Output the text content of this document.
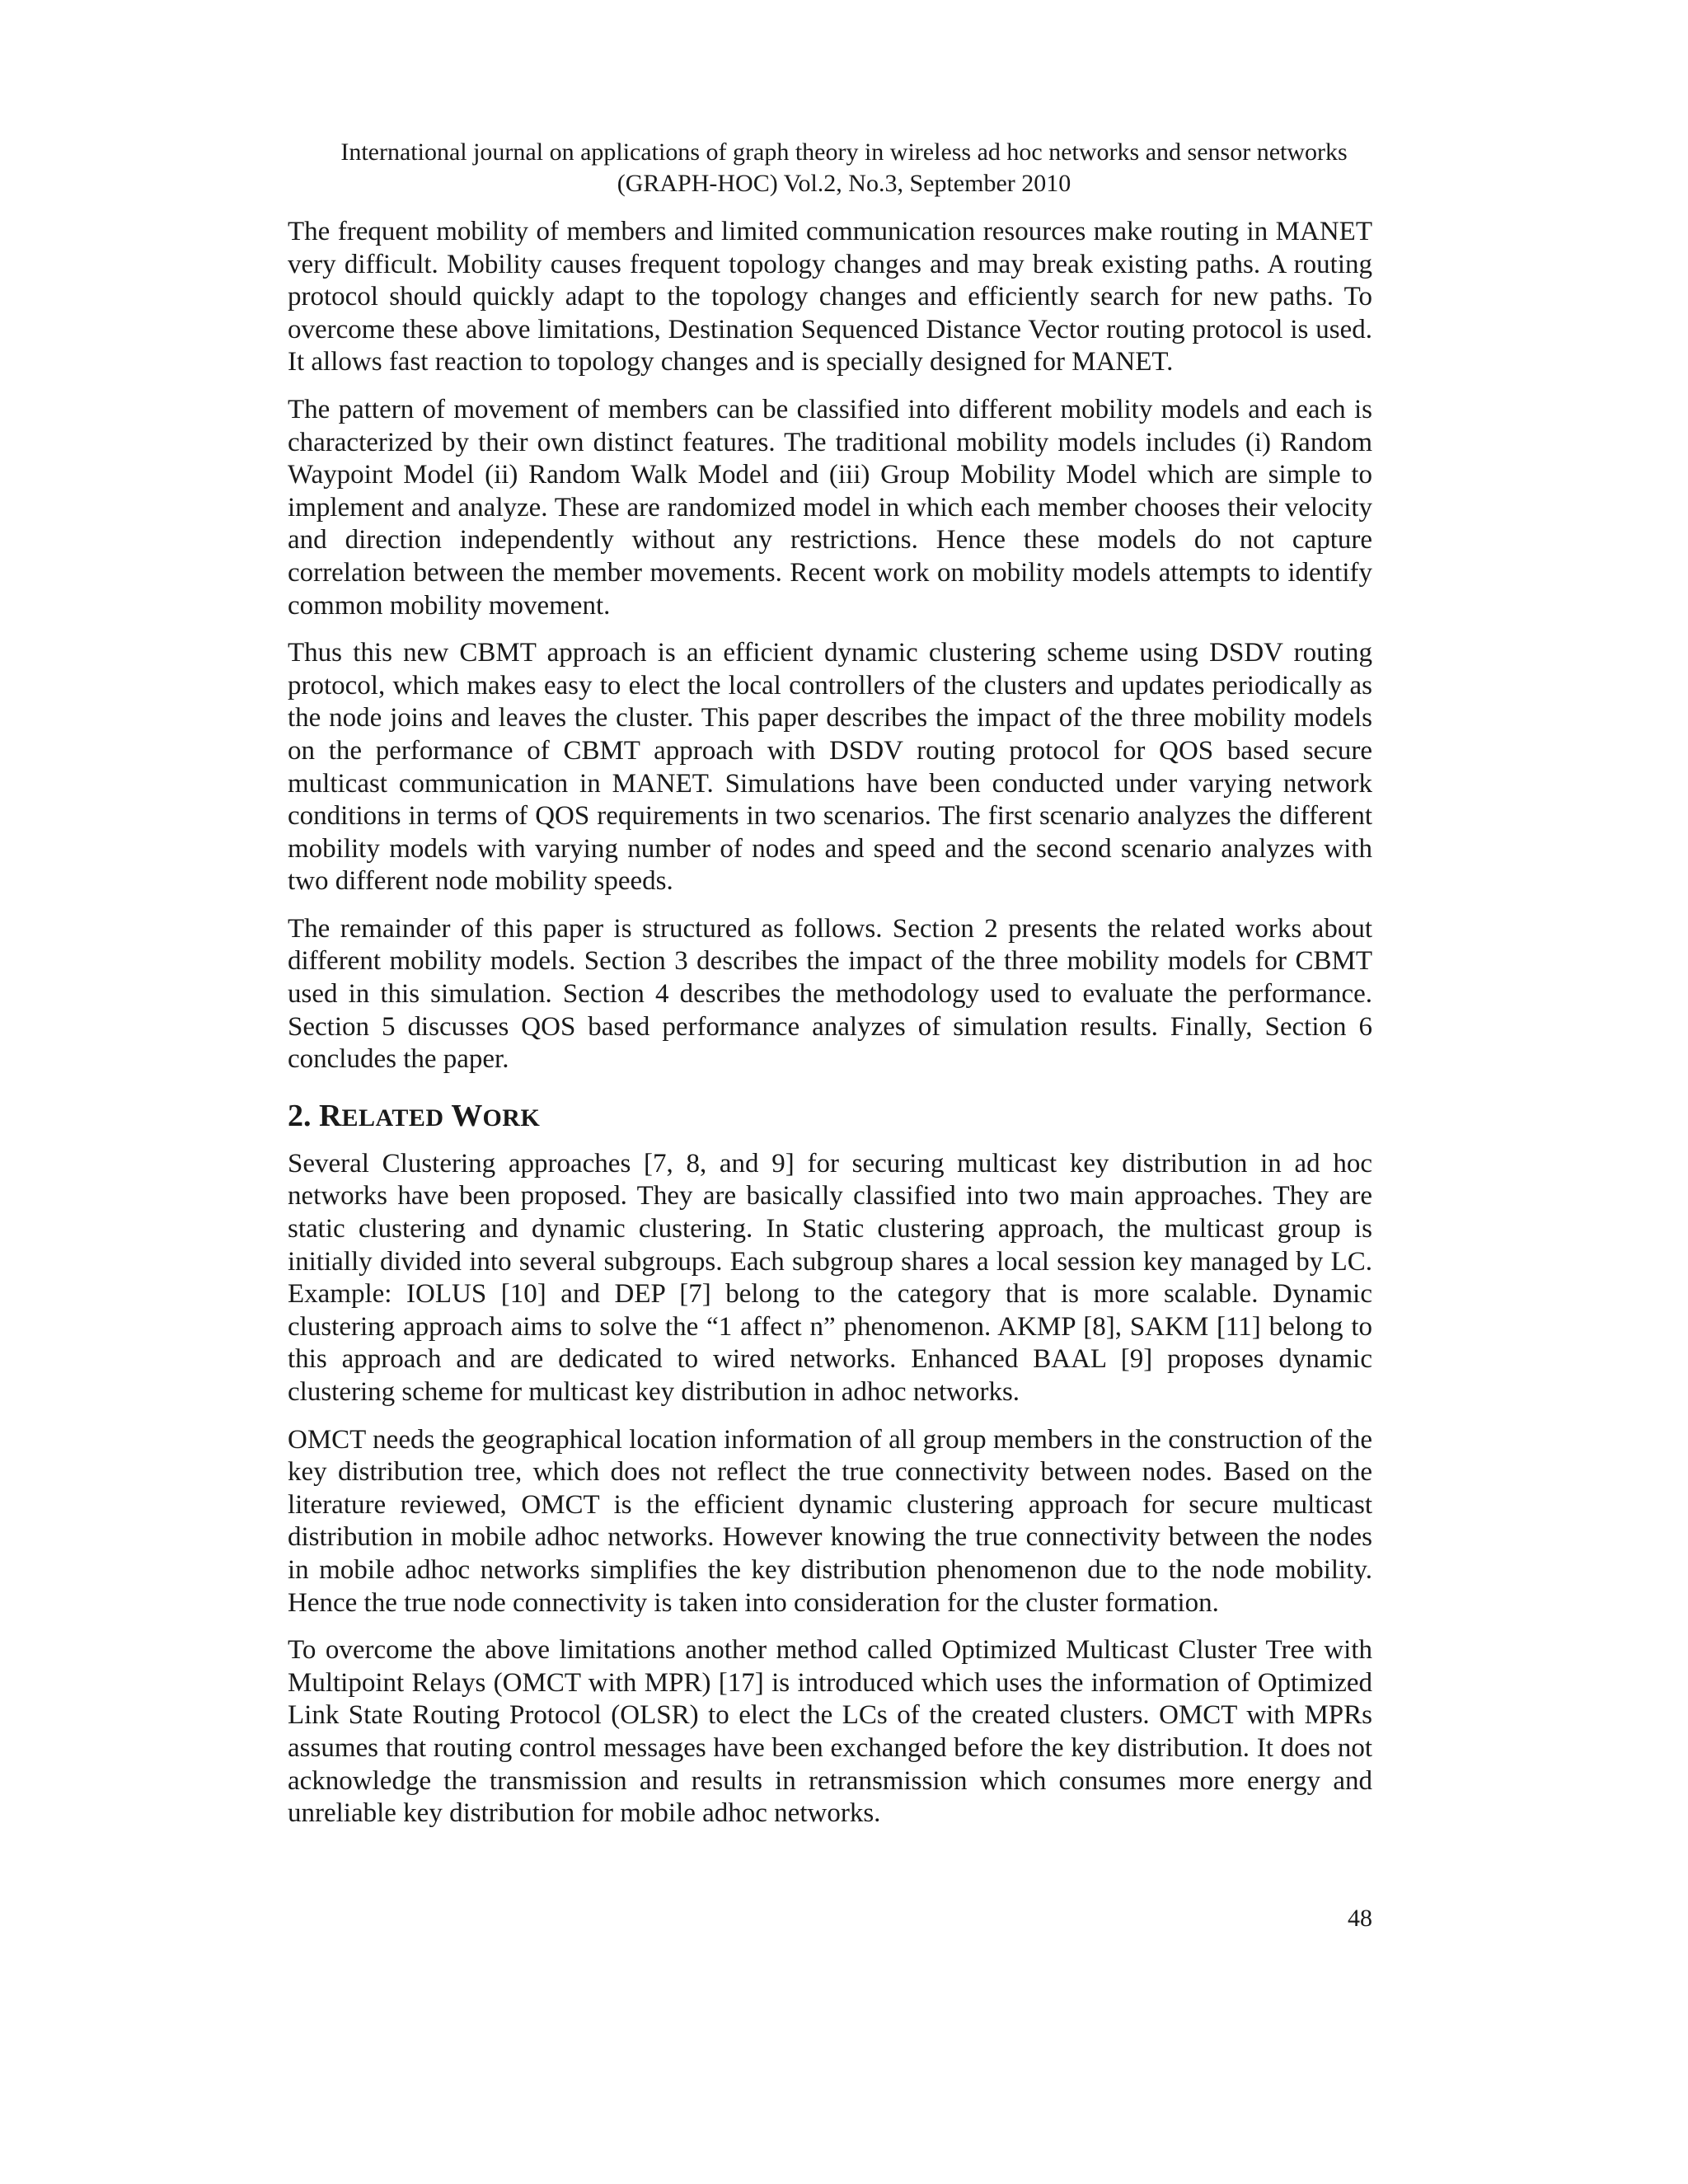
International journal on applications of graph theory in wireless ad hoc networks and sensor networks
(GRAPH-HOC) Vol.2, No.3, September 2010

The frequent mobility of members and limited communication resources make routing in MANET very difficult. Mobility causes frequent topology changes and may break existing paths. A routing protocol should quickly adapt to the topology changes and efficiently search for new paths. To overcome these above limitations, Destination Sequenced Distance Vector routing protocol is used. It allows fast reaction to topology changes and is specially designed for MANET.

The pattern of movement of members can be classified into different mobility models and each is characterized by their own distinct features. The traditional mobility models includes (i) Random Waypoint Model (ii) Random Walk Model and (iii) Group Mobility Model which are simple to implement and analyze. These are randomized model in which each member chooses their velocity and direction independently without any restrictions. Hence these models do not capture correlation between the member movements. Recent work on mobility models attempts to identify common mobility movement.

Thus this new CBMT approach is an efficient dynamic clustering scheme using DSDV routing protocol, which makes easy to elect the local controllers of the clusters and updates periodically as the node joins and leaves the cluster. This paper describes the impact of the three mobility models on the performance of CBMT approach with DSDV routing protocol for QOS based secure multicast communication in MANET. Simulations have been conducted under varying network conditions in terms of QOS requirements in two scenarios. The first scenario analyzes the different mobility models with varying number of nodes and speed and the second scenario analyzes with two different node mobility speeds.

The remainder of this paper is structured as follows. Section 2 presents the related works about different mobility models. Section 3 describes the impact of the three mobility models for CBMT used in this simulation. Section 4 describes the methodology used to evaluate the performance. Section 5 discusses QOS based performance analyzes of simulation results. Finally, Section 6 concludes the paper.

2. RELATED WORK

Several Clustering approaches [7, 8, and 9] for securing multicast key distribution in ad hoc networks have been proposed. They are basically classified into two main approaches. They are static clustering and dynamic clustering. In Static clustering approach, the multicast group is initially divided into several subgroups. Each subgroup shares a local session key managed by LC. Example: IOLUS [10] and DEP [7] belong to the category that is more scalable. Dynamic clustering approach aims to solve the “1 affect n” phenomenon. AKMP [8], SAKM [11] belong to this approach and are dedicated to wired networks. Enhanced BAAL [9] proposes dynamic clustering scheme for multicast key distribution in adhoc networks.

OMCT needs the geographical location information of all group members in the construction of the key distribution tree, which does not reflect the true connectivity between nodes. Based on the literature reviewed, OMCT is the efficient dynamic clustering approach for secure multicast distribution in mobile adhoc networks. However knowing the true connectivity between the nodes in mobile adhoc networks simplifies the key distribution phenomenon due to the node mobility. Hence the true node connectivity is taken into consideration for the cluster formation.

To overcome the above limitations another method called Optimized Multicast Cluster Tree with Multipoint Relays (OMCT with MPR) [17] is introduced which uses the information of Optimized Link State Routing Protocol (OLSR) to elect the LCs of the created clusters. OMCT with MPRs assumes that routing control messages have been exchanged before the key distribution. It does not acknowledge the transmission and results in retransmission which consumes more energy and unreliable key distribution for mobile adhoc networks.

48
